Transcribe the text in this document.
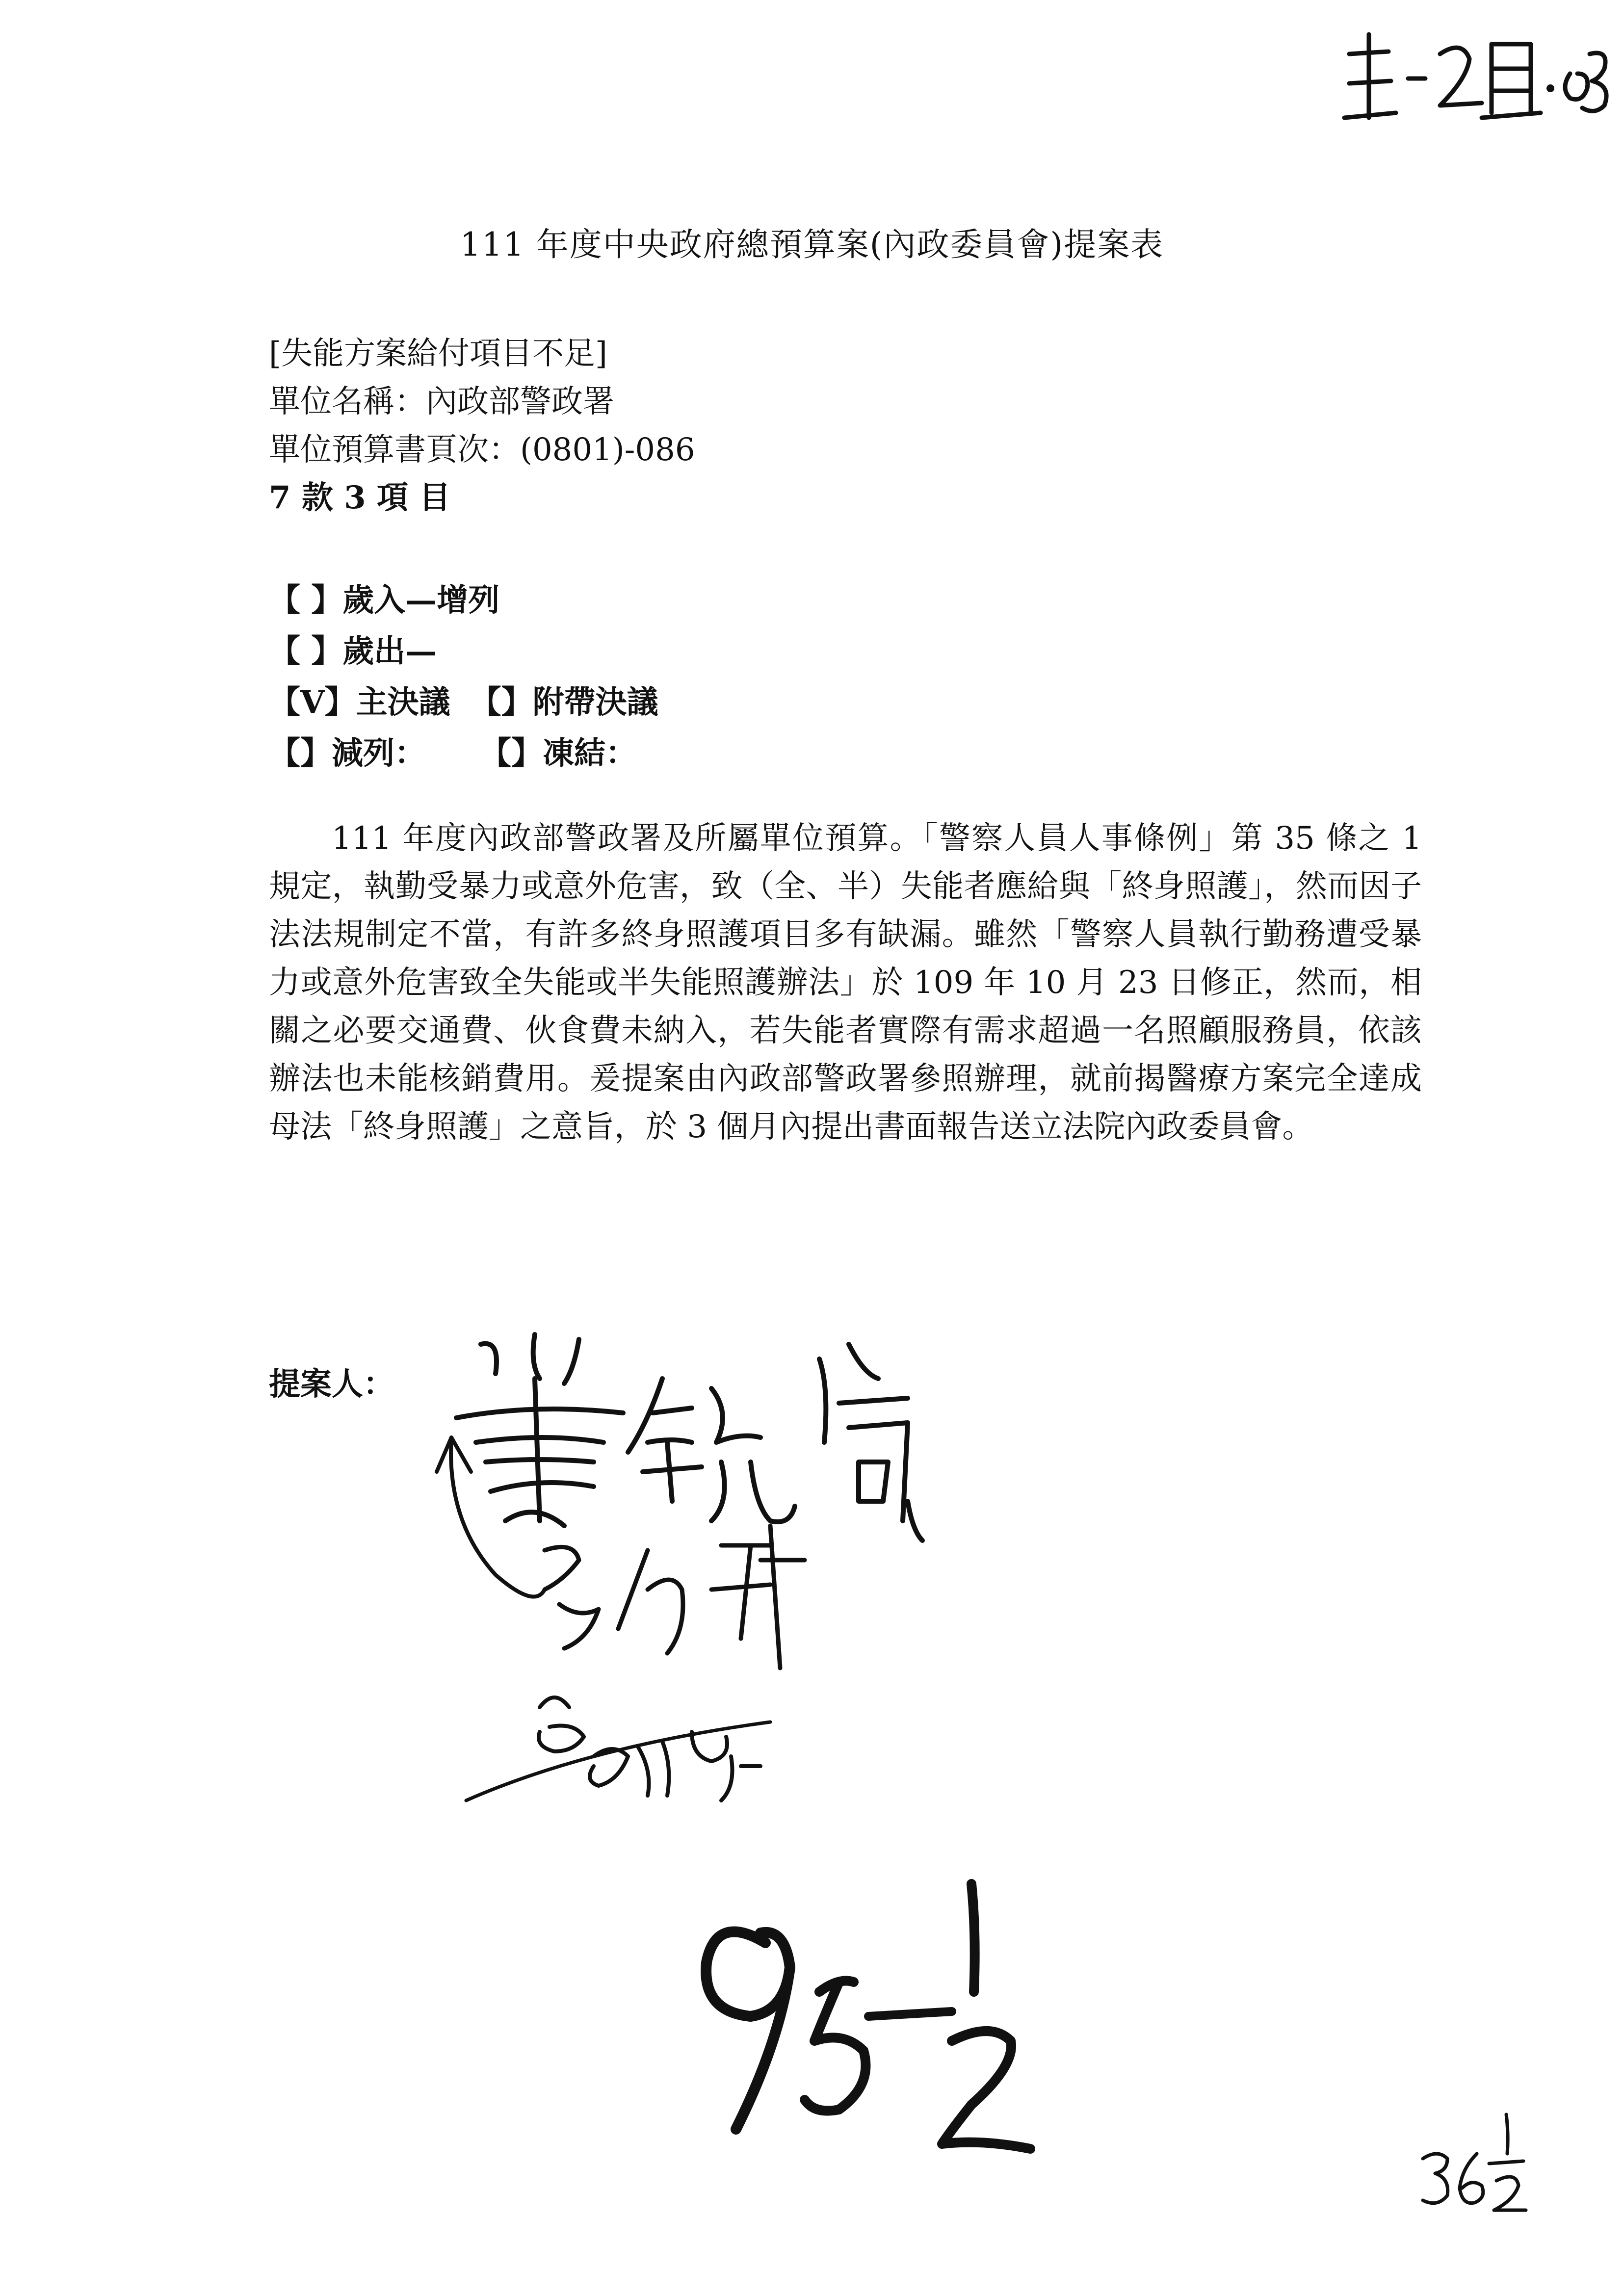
111 年度中央政府總預算案(內政委員會)提案表
[失能方案給付項目不足]
單位名稱：內政部警政署
單位預算書頁次：(0801)-086
7 款 3 項 目
【 】歲入—增列
【 】歲出—
【V】主決議 【】附帶決議
【】減列： 【】凍結：
111 年度內政部警政署及所屬單位預算。「警察人員人事條例」第 35 條之 1 規定，執勤受暴力或意外危害，致（全、半）失能者應給與「終身照護」，然而因子法法規制定不當，有許多終身照護項目多有缺漏。雖然「警察人員執行勤務遭受暴力或意外危害致全失能或半失能照護辦法」於 109 年 10 月 23 日修正，然而，相關之必要交通費、伙食費未納入，若失能者實際有需求超過一名照顧服務員，依該辦法也未能核銷費用。爰提案由內政部警政署參照辦理，就前揭醫療方案完全達成母法「終身照護」之意旨，於 3 個月內提出書面報告送立法院內政委員會。
提案人：
